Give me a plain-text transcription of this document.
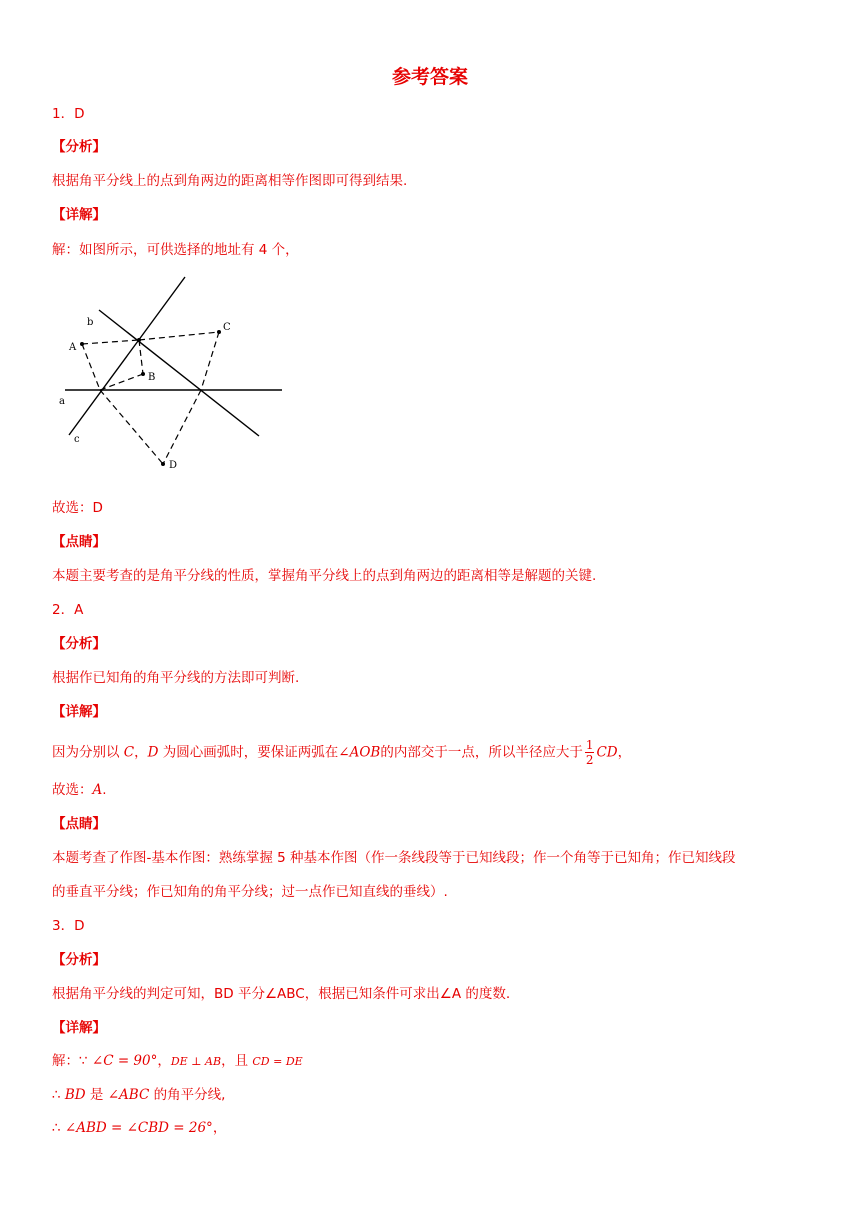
参考答案
1．D
【分析】
根据角平分线上的点到角两边的距离相等作图即可得到结果.
【详解】
解：如图所示，可供选择的地址有 4 个，
a
b
c
A
B
C
D
故选：D
【点睛】
本题主要考查的是角平分线的性质，掌握角平分线上的点到角两边的距离相等是解题的关键.
2．A
【分析】
根据作已知角的角平分线的方法即可判断.
【详解】
因为分别以 C，D 为圆心画弧时，要保证两弧在∠AOB的内部交于一点，所以半径应大于 $\frac{1}{2}$ CD，
故选：A.
【点睛】
本题考查了作图-基本作图：熟练掌握 5 种基本作图（作一条线段等于已知线段；作一个角等于已知角；作已知线段
的垂直平分线；作已知角的角平分线；过一点作已知直线的垂线）.
3．D
【分析】
根据角平分线的判定可知，BD 平分∠ABC，根据已知条件可求出∠A 的度数.
【详解】
解：∵ ∠C = 90°，DE ⊥ AB，且 CD = DE
∴ BD 是 ∠ABC 的角平分线,
∴ ∠ABD = ∠CBD = 26°，
